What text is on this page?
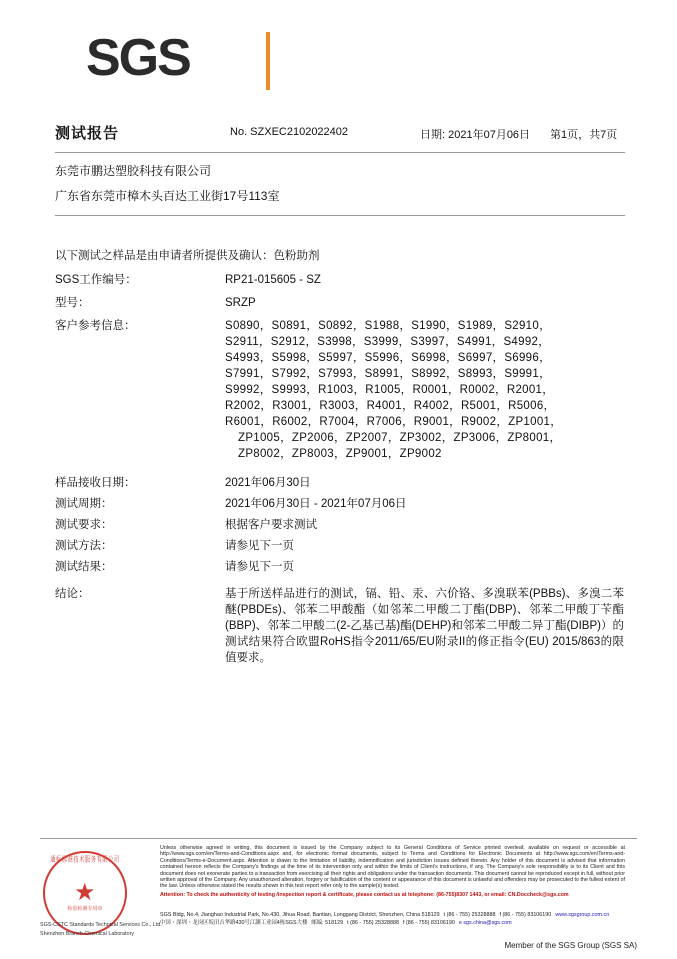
SGS
测试报告	No. SZXEC2102022402	日期: 2021年07月06日 第1页，共7页
东莞市鹏达塑胶科技有限公司
广东省东莞市樟木头百达工业街17号113室
以下测试之样品是由申请者所提供及确认：色粉助剂
SGS工作编号：	RP21-015605 - SZ
型号：	SRZP
客户参考信息：	S0890，S0891，S0892，S1988，S1990，S1989，S2910，
S2911，S2912，S3998，S3999，S3997，S4991，S4992，
S4993，S5998，S5997，S5996，S6998，S6997，S6996，
S7991，S7992，S7993，S8991，S8992，S8993，S9991，
S9992，S9993，R1003，R1005，R0001，R0002，R2001，
R2002，R3001，R3003，R4001，R4002，R5001，R5006，
R6001，R6002，R7004，R7006，R9001，R9002，ZP1001，
ZP1005，ZP2006，ZP2007，ZP3002，ZP3006，ZP8001，
ZP8002，ZP8003，ZP9001，ZP9002
样品接收日期：	2021年06月30日
测试周期：	2021年06月30日 - 2021年07月06日
测试要求：	根据客户要求测试
测试方法：	请参见下一页
测试结果：	请参见下一页
结论：	基于所送样品进行的测试，镉、铅、汞、六价铬、多溴联苯(PBBs)、多溴二苯醚(PBDEs)、邻苯二甲酸酯（如邻苯二甲酸二丁酯(DBP)、邻苯二甲酸丁苄酯(BBP)、邻苯二甲酸二(2-乙基己基)酯(DEHP)和邻苯二甲酸二异丁酯(DIBP)）的测试结果符合欧盟RoHS指令2011/65/EU附录II的修正指令(EU) 2015/863的限值要求。
通标标准技术服务有限公司
★
检验检测专用章
SGS-CSTC Standards Technical Services Co., Ltd.
Shenzhen Branch Chemical Laboratory
Unless otherwise agreed in writing, this document is issued by the Company subject to its General Conditions of Service printed overleaf, available on request or accessible at http://www.sgs.com/en/Terms-and-Conditions.aspx and, for electronic format documents, subject to Terms and Conditions for Electronic Documents at http://www.sgs.com/en/Terms-and-Conditions/Terms-e-Document.aspx. Attention is drawn to the limitation of liability, indemnification and jurisdiction issues defined therein. Any holder of this document is advised that information contained hereon reflects the Company's findings at the time of its intervention only and within the limits of Client's instructions, if any. The Company's sole responsibility is to its Client and this document does not exonerate parties to a transaction from exercising all their rights and obligations under the transaction documents. This document cannot be reproduced except in full, without prior written approval of the Company. Any unauthorized alteration, forgery or falsification of the content or appearance of this document is unlawful and offenders may be prosecuted to the fullest extent of the law. Unless otherwise stated the results shown in this test report refer only to the sample(s) tested.
Attention: To check the authenticity of testing /inspection report & certificate, please contact us at telephone: (86-755)8307 1443, or email: CN.Doccheck@sgs.com
SGS Bldg, No.4, Jianghao Industrial Park, No.430, Jihua Road, Bantian, Longgang District, Shenzhen, China 518129 t (86 - 755) 25328888 f (86 - 755) 83106190 www.sgsgroup.com.cn
中国・深圳・龙岗区坂田吉华路430号江灏工业园4栋SGS大楼 邮编: 518129 t (86 - 755) 25328888 f (86 - 755) 83106190 e sgs.china@sgs.com
Member of the SGS Group (SGS SA)
